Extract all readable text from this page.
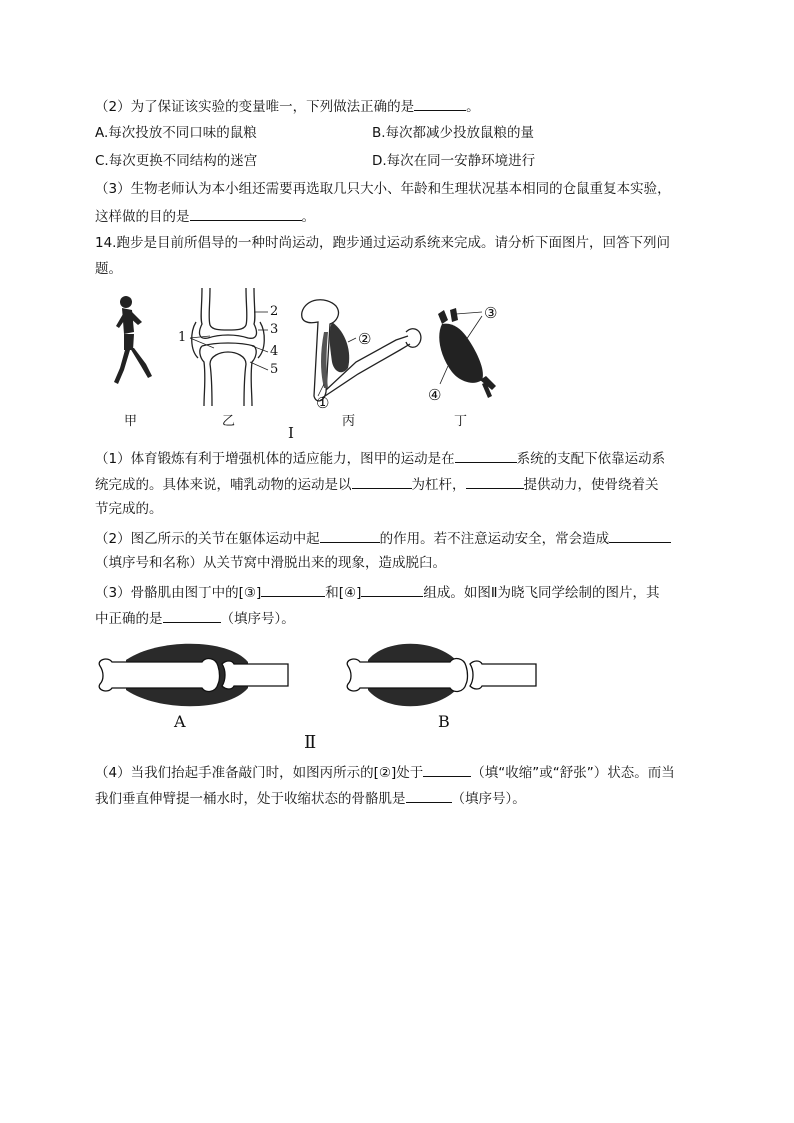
（2）为了保证该实验的变量唯一，下列做法正确的是	。
A.每次投放不同口味的鼠粮	B.每次都减少投放鼠粮的量
C.每次更换不同结构的迷宫	D.每次在同一安静环境进行
（3）生物老师认为本小组还需要再选取几只大小、年龄和生理状况基本相同的仓鼠重复本实验，
这样做的目的是	。
14.跑步是目前所倡导的一种时尚运动，跑步通过运动系统来完成。请分析下面图片，回答下列问
题。
甲
2
3
1
4
5
乙
②
①
丙
③
④
丁
Ⅰ
（1）体育锻炼有利于增强机体的适应能力，图甲的运动是在	系统的支配下依靠运动系
统完成的。具体来说，哺乳动物的运动是以	为杠杆，	提供动力，使骨绕着关
节完成的。
（2）图乙所示的关节在躯体运动中起	的作用。若不注意运动安全，常会造成
（填序号和名称）从关节窝中滑脱出来的现象，造成脱臼。
（3）骨骼肌由图丁中的[③]	和[④]	组成。如图Ⅱ为晓飞同学绘制的图片，其
中正确的是	（填序号）。
A	B
Ⅱ
（4）当我们抬起手准备敲门时，如图丙所示的[②]处于	（填“收缩”或“舒张”）状态。而当
我们垂直伸臂提一桶水时，处于收缩状态的骨骼肌是	（填序号）。
